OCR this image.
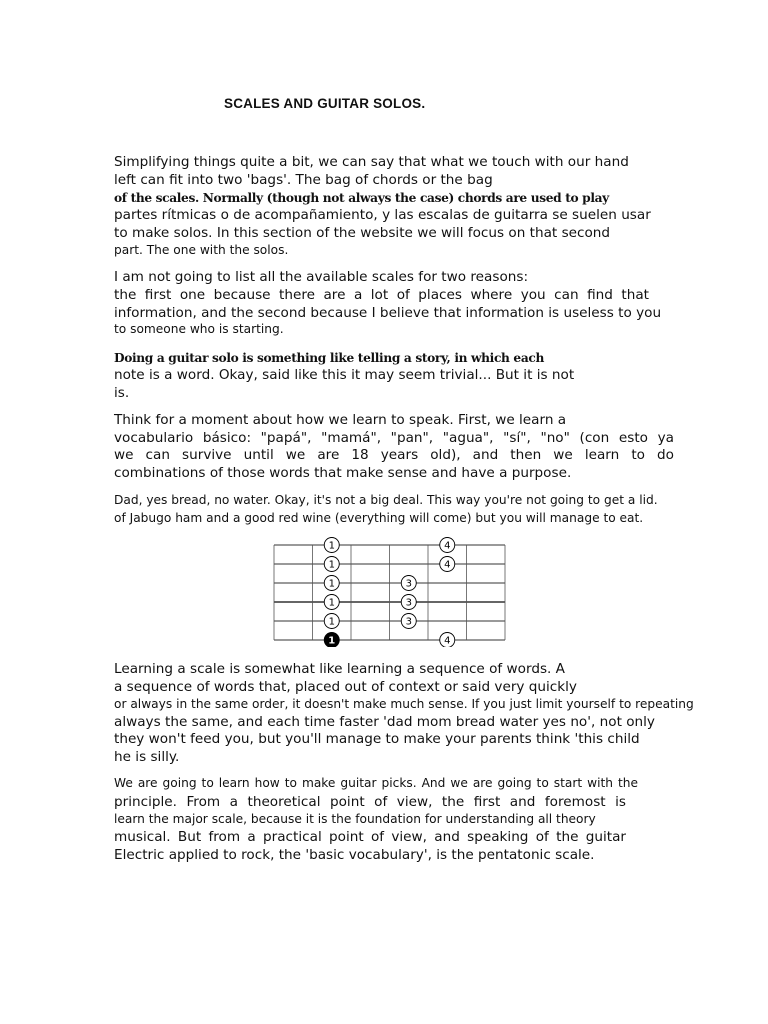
SCALES AND GUITAR SOLOS.
Simplifying things quite a bit, we can say that what we touch with our hand
left can fit into two 'bags'. The bag of chords or the bag
of the scales. Normally (though not always the case) chords are used to play
partes rítmicas o de acompañamiento, y las escalas de guitarra se suelen usar
to make solos. In this section of the website we will focus on that second
part. The one with the solos.
I am not going to list all the available scales for two reasons:
the first one because there are a lot of places where you can find that
information, and the second because I believe that information is useless to you
to someone who is starting.
Doing a guitar solo is something like telling a story, in which each
note is a word. Okay, said like this it may seem trivial... But it is not
is.
Think for a moment about how we learn to speak. First, we learn a
vocabulario básico: "papá", "mamá", "pan", "agua", "sí", "no" (con esto ya
we can survive until we are 18 years old), and then we learn to do
combinations of those words that make sense and have a purpose.
Dad, yes bread, no water. Okay, it's not a big deal. This way you're not going to get a lid.
of Jabugo ham and a good red wine (everything will come) but you will manage to eat.
1	4
1	4
1	3
1	3
1	3
1	4
Learning a scale is somewhat like learning a sequence of words. A
a sequence of words that, placed out of context or said very quickly
or always in the same order, it doesn't make much sense. If you just limit yourself to repeating
always the same, and each time faster 'dad mom bread water yes no', not only
they won't feed you, but you'll manage to make your parents think 'this child
he is silly.
We are going to learn how to make guitar picks. And we are going to start with the
principle. From a theoretical point of view, the first and foremost is
learn the major scale, because it is the foundation for understanding all theory
musical. But from a practical point of view, and speaking of the guitar
Electric applied to rock, the 'basic vocabulary', is the pentatonic scale.
